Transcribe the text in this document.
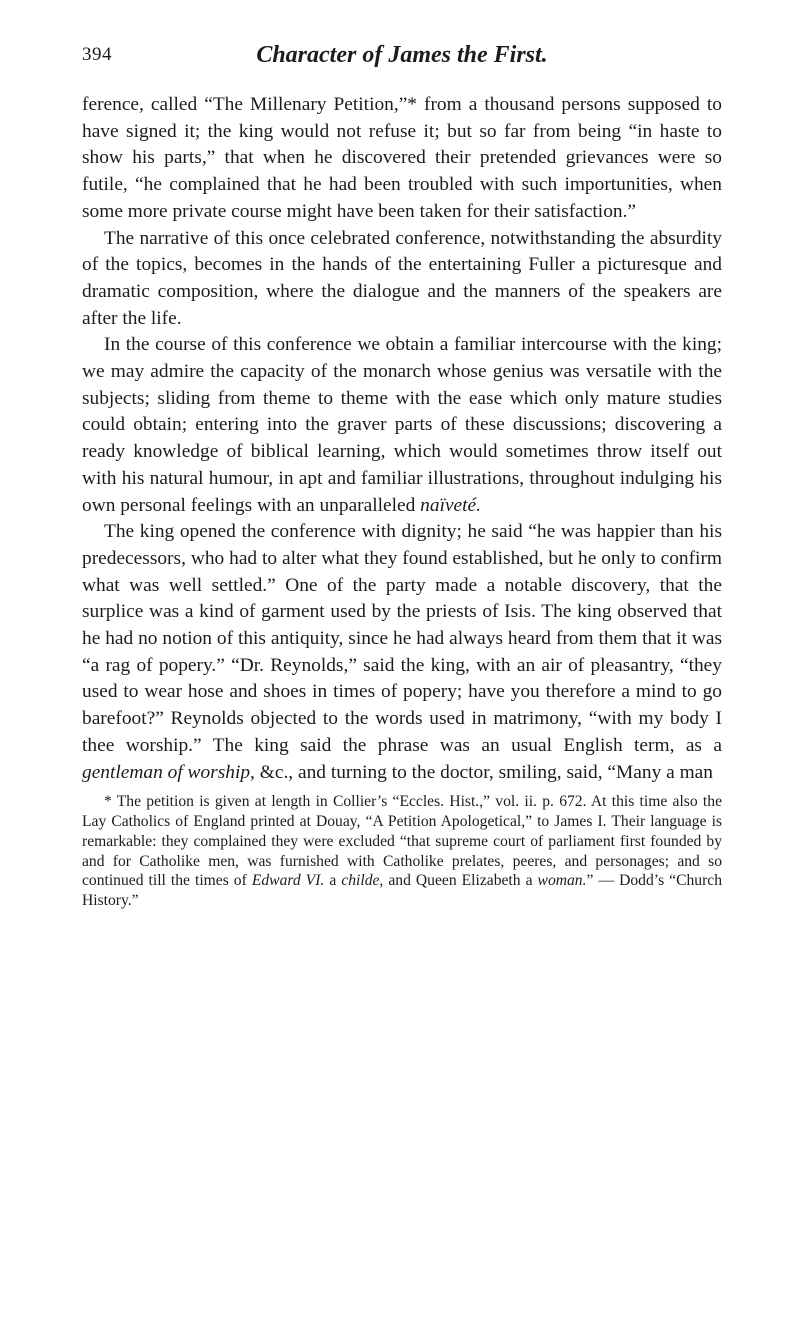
394	Character of James the First.

ference, called “The Millenary Petition,”* from a thousand persons supposed to have signed it; the king would not refuse it; but so far from being “in haste to show his parts,” that when he discovered their pretended grievances were so futile, “he complained that he had been troubled with such importunities, when some more private course might have been taken for their satisfaction.”

The narrative of this once celebrated conference, notwithstanding the absurdity of the topics, becomes in the hands of the entertaining Fuller a picturesque and dramatic composition, where the dialogue and the manners of the speakers are after the life.

In the course of this conference we obtain a familiar intercourse with the king; we may admire the capacity of the monarch whose genius was versatile with the subjects; sliding from theme to theme with the ease which only mature studies could obtain; entering into the graver parts of these discussions; discovering a ready knowledge of biblical learning, which would sometimes throw itself out with his natural humour, in apt and familiar illustrations, throughout indulging his own personal feelings with an unparalleled naïveté.

The king opened the conference with dignity; he said “he was happier than his predecessors, who had to alter what they found established, but he only to confirm what was well settled.” One of the party made a notable discovery, that the surplice was a kind of garment used by the priests of Isis. The king observed that he had no notion of this antiquity, since he had always heard from them that it was “a rag of popery.” “Dr. Reynolds,” said the king, with an air of pleasantry, “they used to wear hose and shoes in times of popery; have you therefore a mind to go barefoot?” Reynolds objected to the words used in matrimony, “with my body I thee worship.” The king said the phrase was an usual English term, as a gentleman of worship, &c., and turning to the doctor, smiling, said, “Many a man

* The petition is given at length in Collier’s “Eccles. Hist.,” vol. ii. p. 672. At this time also the Lay Catholics of England printed at Douay, “A Petition Apologetical,” to James I. Their language is remarkable: they complained they were excluded “that supreme court of parliament first founded by and for Catholike men, was furnished with Catholike prelates, peeres, and personages; and so continued till the times of Edward VI. a childe, and Queen Elizabeth a woman.” — Dodd’s “Church History.”
